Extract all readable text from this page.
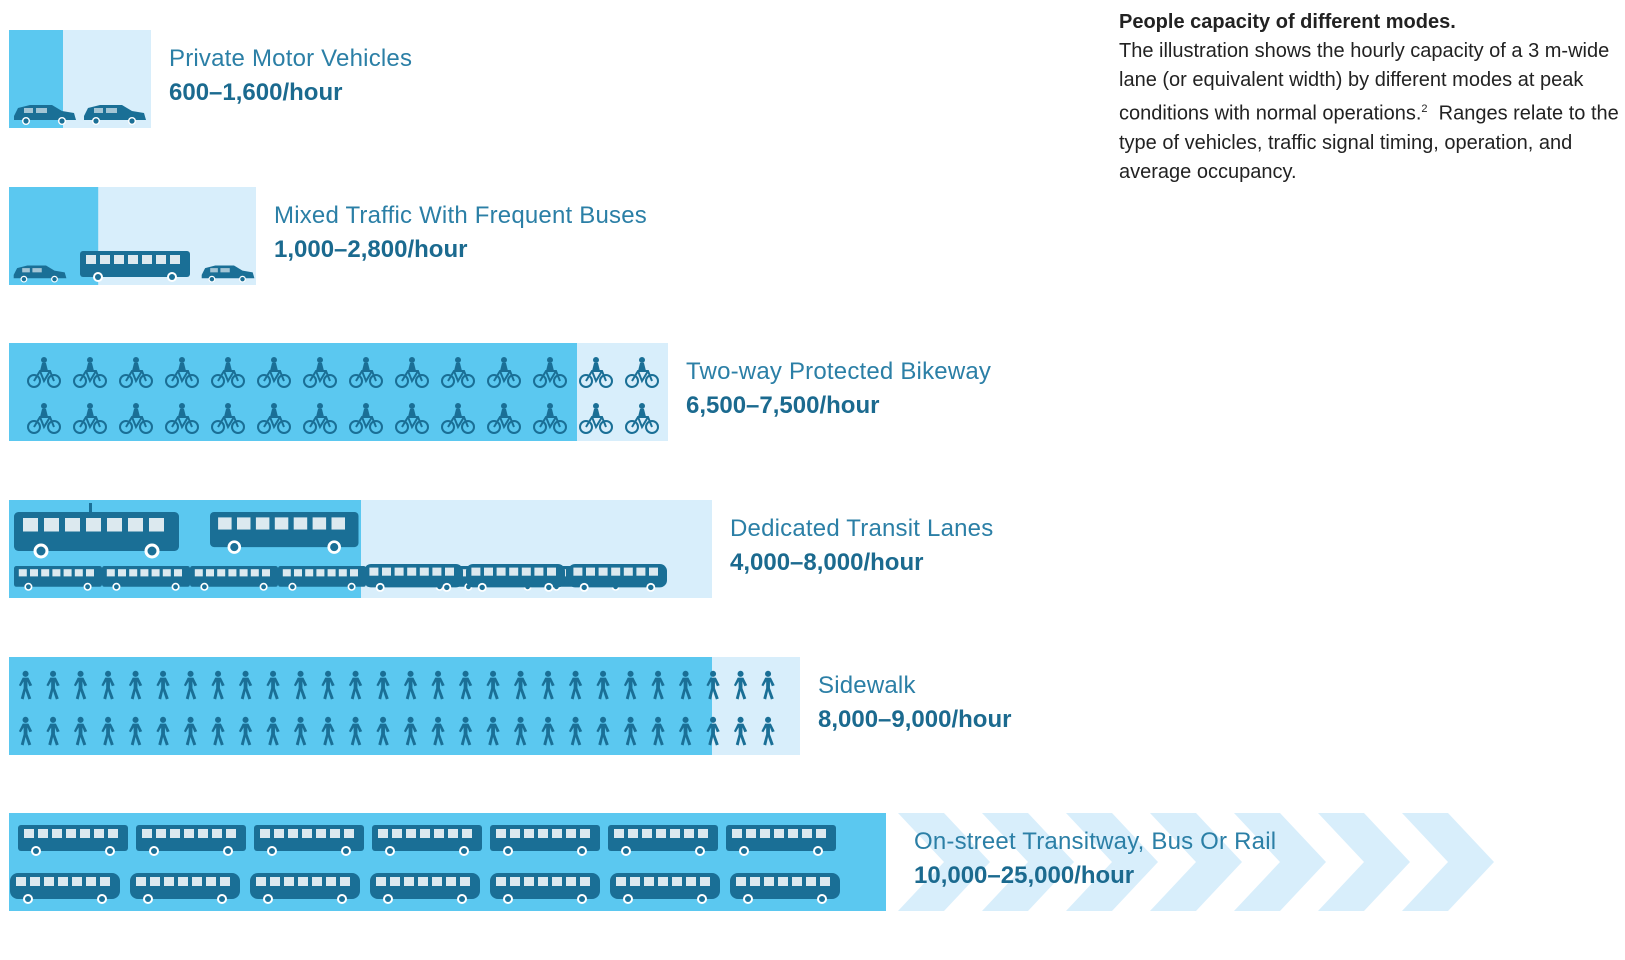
People capacity of different modes.
The illustration shows the hourly capacity of a 3 m-wide lane (or equivalent width) by different modes at peak conditions with normal operations.$^2$ Ranges relate to the type of vehicles, traffic signal timing, operation, and average occupancy.
Private Motor Vehicles
600–1,600/hour
Mixed Traffic With Frequent Buses
1,000–2,800/hour
Two-way Protected Bikeway
6,500–7,500/hour
Dedicated Transit Lanes
4,000–8,000/hour
Sidewalk
8,000–9,000/hour
On-street Transitway, Bus Or Rail
10,000–25,000/hour
